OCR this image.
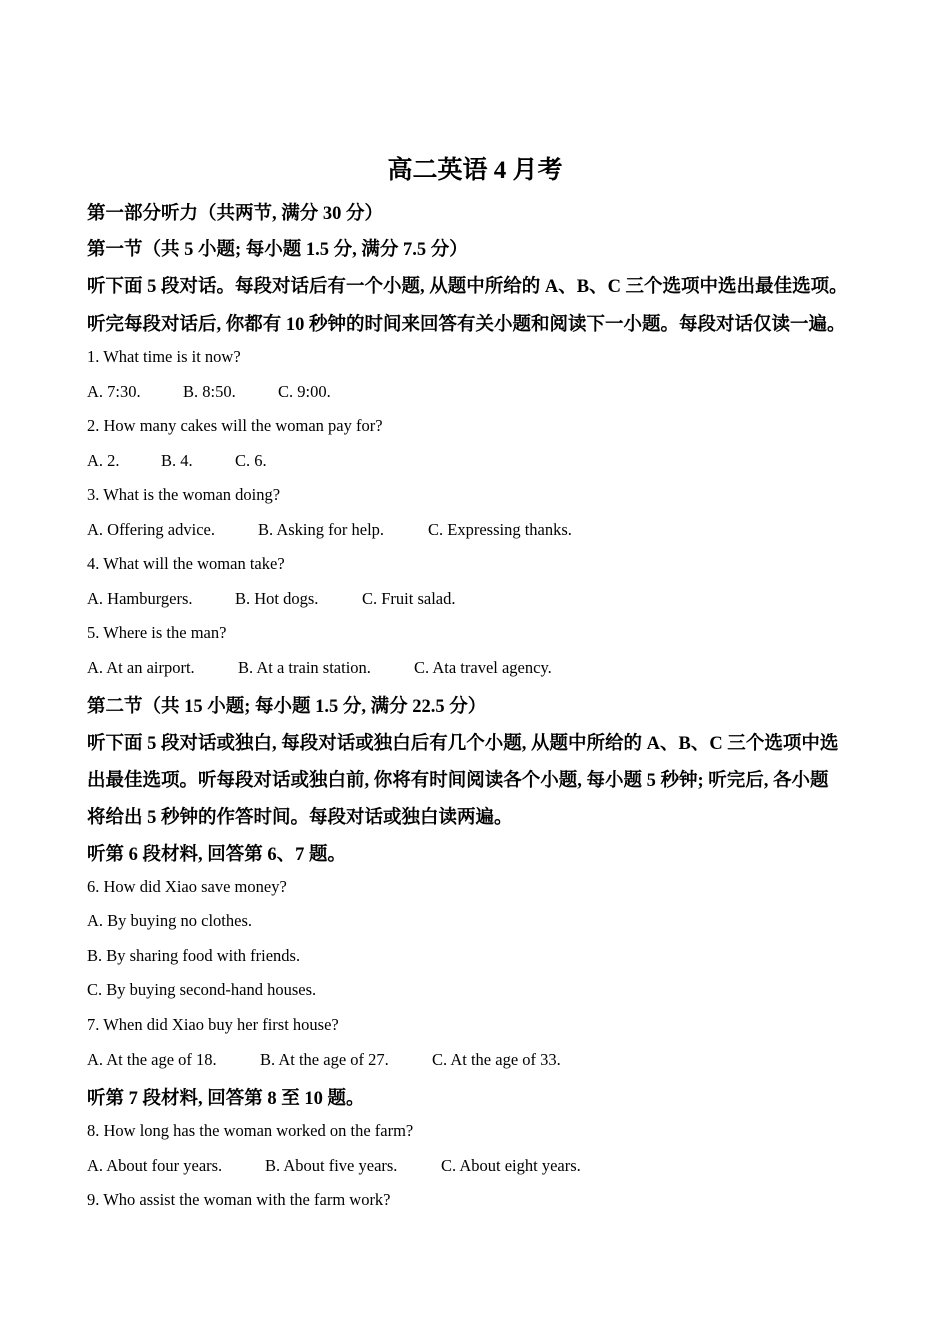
高二英语 4 月考
第一部分听力（共两节, 满分 30 分）
第一节（共 5 小题; 每小题 1.5 分, 满分 7.5 分）
听下面 5 段对话。每段对话后有一个小题, 从题中所给的 A、B、C 三个选项中选出最佳选项。
听完每段对话后, 你都有 10 秒钟的时间来回答有关小题和阅读下一小题。每段对话仅读一遍。
1. What time is it now?
A. 7:30.	B. 8:50.	C. 9:00.
2. How many cakes will the woman pay for?
A. 2.	B. 4.	C. 6.
3. What is the woman doing?
A. Offering advice.	B. Asking for help.	C. Expressing thanks.
4. What will the woman take?
A. Hamburgers.	B. Hot dogs.	C. Fruit salad.
5. Where is the man?
A. At an airport.	B. At a train station.	C. Ata travel agency.
第二节（共 15 小题; 每小题 1.5 分, 满分 22.5 分）
听下面 5 段对话或独白, 每段对话或独白后有几个小题, 从题中所给的 A、B、C 三个选项中选
出最佳选项。听每段对话或独白前, 你将有时间阅读各个小题, 每小题 5 秒钟; 听完后, 各小题
将给出 5 秒钟的作答时间。每段对话或独白读两遍。
听第 6 段材料, 回答第 6、7 题。
6. How did Xiao save money?
A. By buying no clothes.
B. By sharing food with friends.
C. By buying second-hand houses.
7. When did Xiao buy her first house?
A. At the age of 18.	B. At the age of 27.	C. At the age of 33.
听第 7 段材料, 回答第 8 至 10 题。
8. How long has the woman worked on the farm?
A. About four years.	B. About five years.	C. About eight years.
9. Who assist the woman with the farm work?
